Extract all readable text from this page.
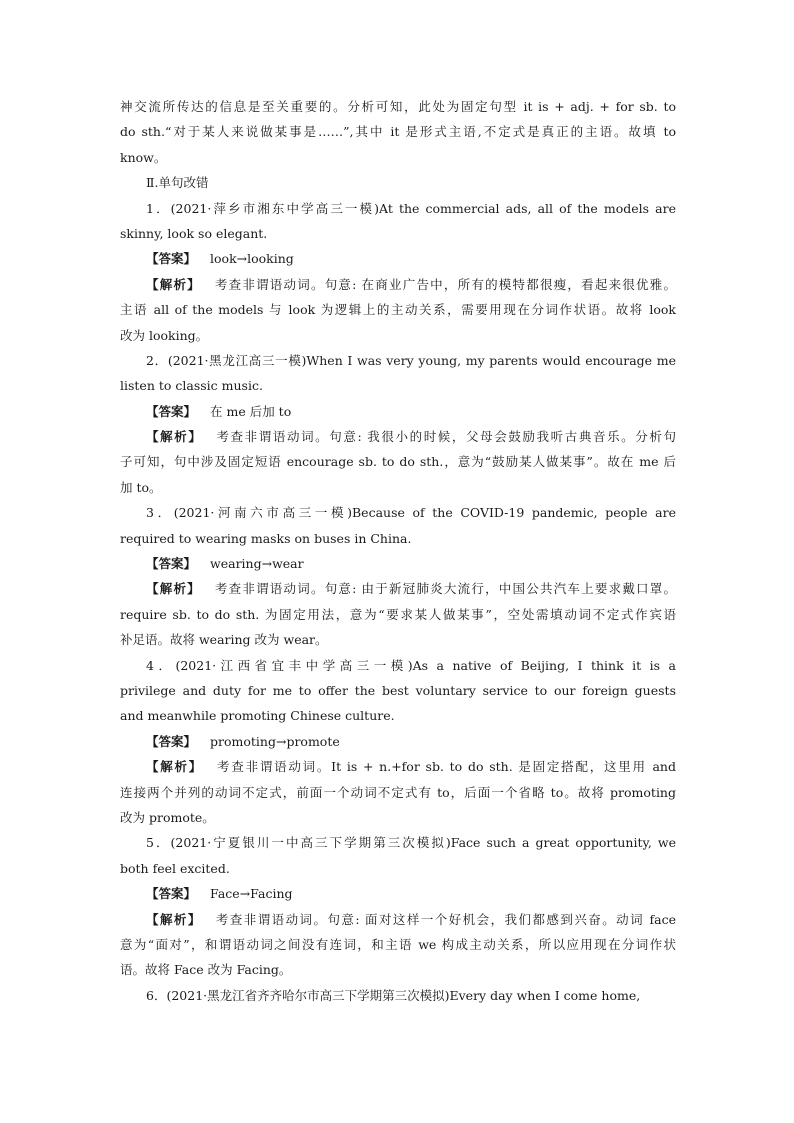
神交流所传达的信息是至关重要的。分析可知，此处为固定句型 it is + adj. + for sb. to
do sth.“对于某人来说做某事是……”,其中 it 是形式主语,不定式是真正的主语。故填 to
know。
Ⅱ.单句改错
1．(2021·萍乡市湘东中学高三一模)At the commercial ads, all of the models are
skinny, look so elegant.
【答案】 look→looking
【解析】 考查非谓语动词。句意: 在商业广告中，所有的模特都很瘦，看起来很优雅。
主语 all of the models 与 look 为逻辑上的主动关系，需要用现在分词作状语。故将 look
改为 looking。
2．(2021·黑龙江高三一模)When I was very young, my parents would encourage me
listen to classic music.
【答案】 在 me 后加 to
【解析】 考查非谓语动词。句意: 我很小的时候，父母会鼓励我听古典音乐。分析句
子可知，句中涉及固定短语 encourage sb. to do sth.，意为“鼓励某人做某事”。故在 me 后
加 to。
3．(2021·河南六市高三一模)Because of the COVID-19 pandemic, people are
required to wearing masks on buses in China.
【答案】 wearing→wear
【解析】 考查非谓语动词。句意: 由于新冠肺炎大流行，中国公共汽车上要求戴口罩。
require sb. to do sth. 为固定用法，意为“要求某人做某事”，空处需填动词不定式作宾语
补足语。故将 wearing 改为 wear。
4．(2021·江西省宜丰中学高三一模)As a native of Beijing, I think it is a
privilege and duty for me to offer the best voluntary service to our foreign guests
and meanwhile promoting Chinese culture.
【答案】 promoting→promote
【解析】 考查非谓语动词。It is + n.+for sb. to do sth. 是固定搭配，这里用 and
连接两个并列的动词不定式，前面一个动词不定式有 to，后面一个省略 to。故将 promoting
改为 promote。
5．(2021·宁夏银川一中高三下学期第三次模拟)Face such a great opportunity, we
both feel excited.
【答案】 Face→Facing
【解析】 考查非谓语动词。句意: 面对这样一个好机会，我们都感到兴奋。动词 face
意为“面对”，和谓语动词之间没有连词，和主语 we 构成主动关系，所以应用现在分词作状
语。故将 Face 改为 Facing。
6．(2021·黑龙江省齐齐哈尔市高三下学期第三次模拟)Every day when I come home,
